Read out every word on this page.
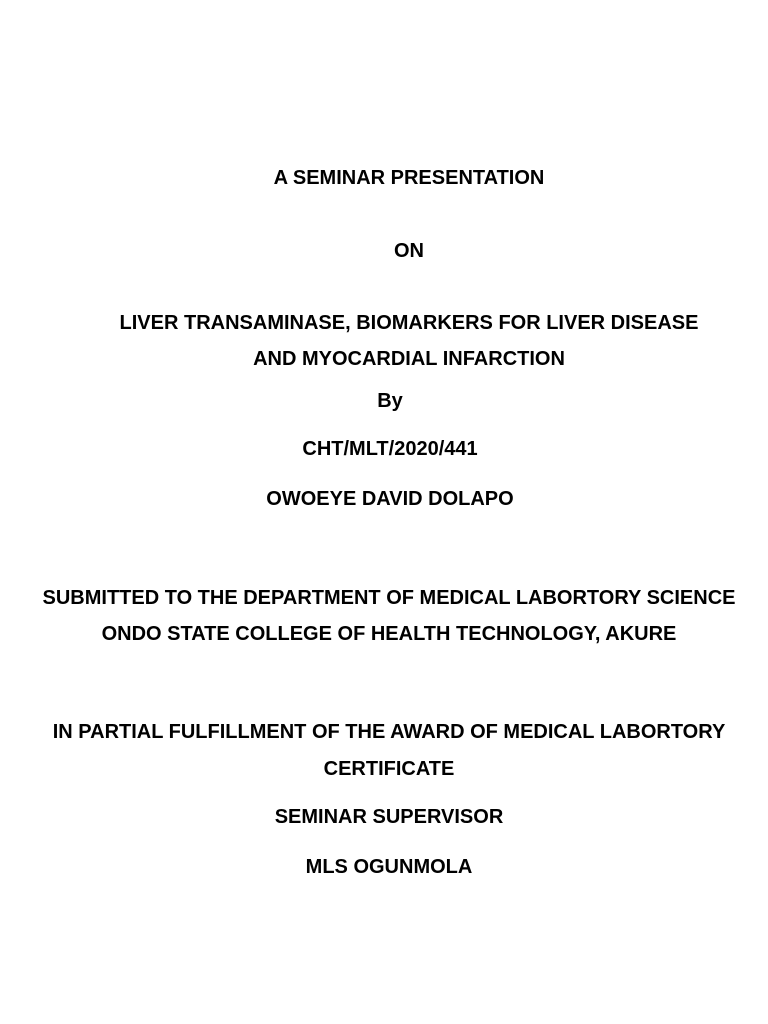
A SEMINAR PRESENTATION
ON
LIVER TRANSAMINASE, BIOMARKERS FOR LIVER DISEASE
AND MYOCARDIAL INFARCTION
By
CHT/MLT/2020/441
OWOEYE DAVID DOLAPO
SUBMITTED TO THE DEPARTMENT OF MEDICAL LABORTORY SCIENCE
ONDO STATE COLLEGE OF HEALTH TECHNOLOGY, AKURE
IN PARTIAL FULFILLMENT OF THE AWARD OF MEDICAL LABORTORY
CERTIFICATE
SEMINAR SUPERVISOR
MLS OGUNMOLA
